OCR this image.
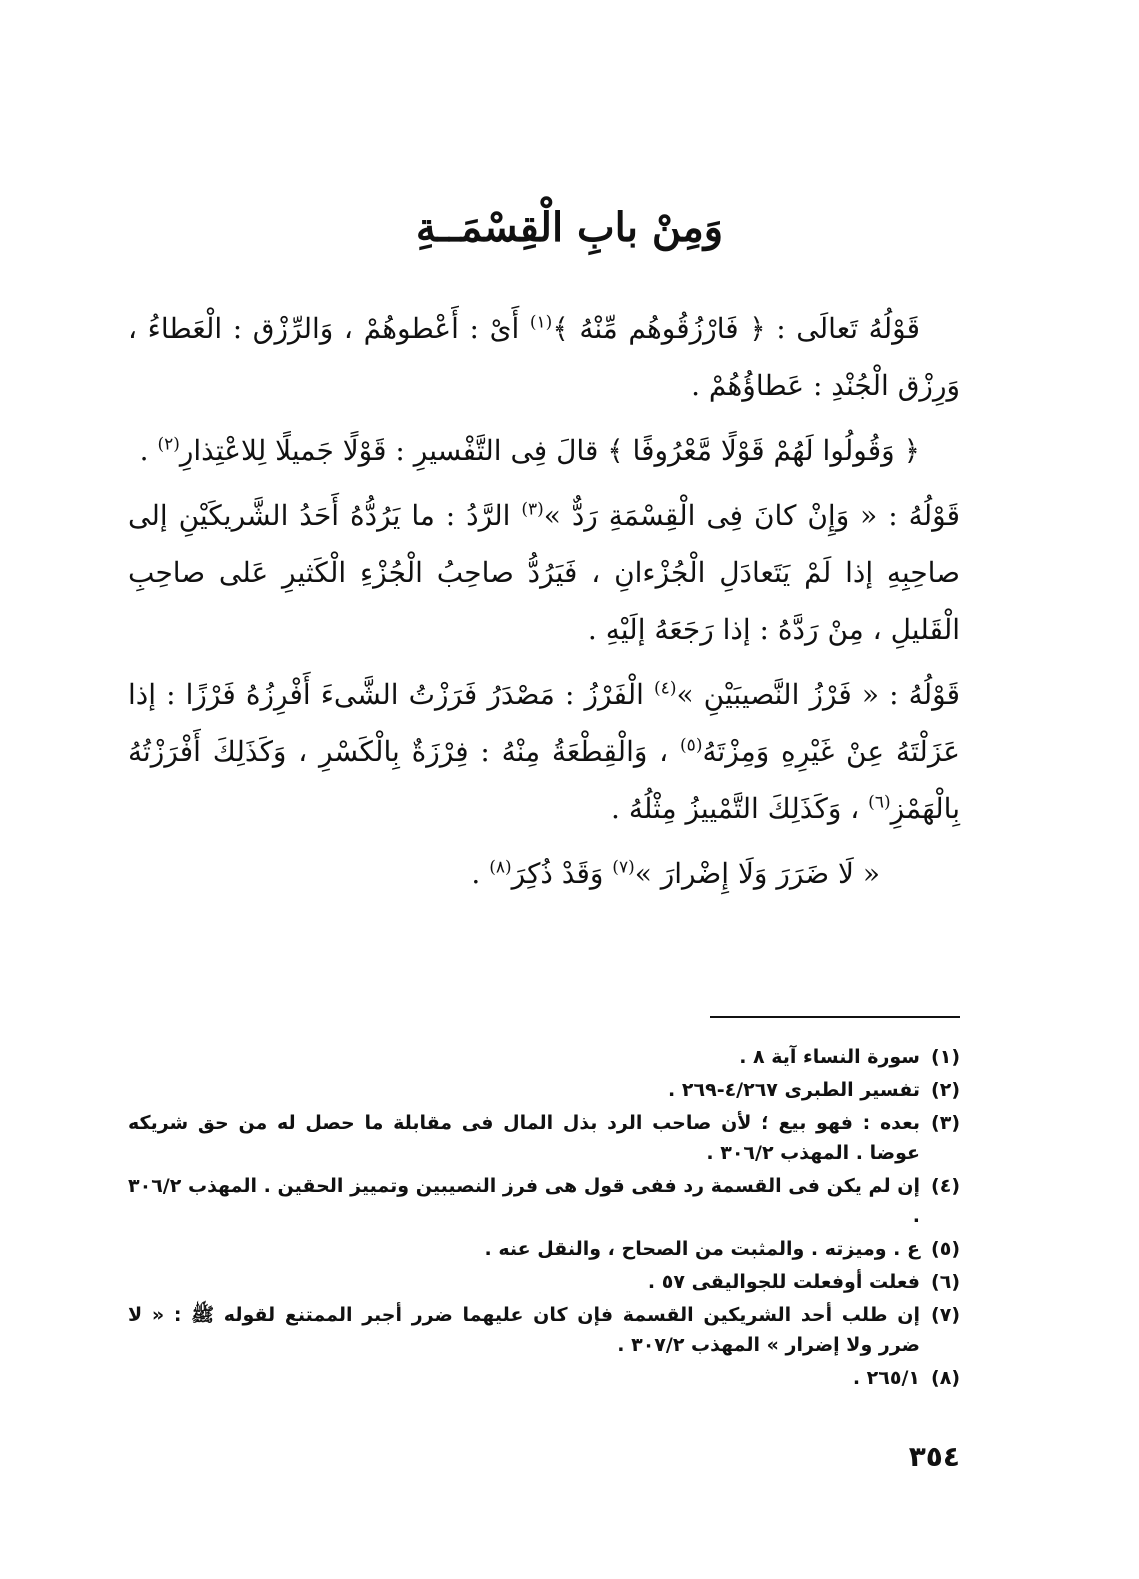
وَمِنْ بابِ الْقِسْمَــةِ

قَوْلُهُ تَعالَى : ﴿ فَارْزُقُوهُم مِّنْهُ ﴾$^{(١)}$ أَىْ : أَعْطوهُمْ ، وَالرِّزْق : الْعَطاءُ ، وَرِزْق الْجُنْدِ : عَطاؤُهُمْ .

﴿ وَقُولُوا لَهُمْ قَوْلًا مَّعْرُوفًا ﴾ قالَ فِى التَّفْسيرِ : قَوْلًا جَميلًا لِلاعْتِذارِ$^{(٢)}$ .

قَوْلُهُ : « وَإِنْ كانَ فِى الْقِسْمَةِ رَدٌّ »$^{(٣)}$ الرَّدُ : ما يَرُدُّهُ أَحَدُ الشَّريكَيْنِ إلى صاحِبِهِ إذا لَمْ يَتَعادَلِ الْجُزْءانِ ، فَيَرُدُّ صاحِبُ الْجُزْءِ الْكَثيرِ عَلى صاحِبِ الْقَليلِ ، مِنْ رَدَّهُ : إذا رَجَعَهُ إلَيْهِ .

قَوْلُهُ : « فَرْزُ النَّصيبَيْنِ »$^{(٤)}$ الْفَرْزُ : مَصْدَرُ فَرَزْتُ الشَّىءَ أَفْرِزُهُ فَرْزًا : إذا عَزَلْتَهُ عِنْ غَيْرِهِ وَمِزْتَهُ$^{(٥)}$ ، وَالْقِطْعَةُ مِنْهُ : فِرْزَةٌ بِالْكَسْرِ ، وَكَذَلِكَ أَفْرَزْتُهُ بِالْهَمْزِ$^{(٦)}$ ، وَكَذَلِكَ التَّمْييزُ مِثْلُهُ .

« لَا ضَرَرَ وَلَا إِضْرارَ »$^{(٧)}$ وَقَدْ ذُكِرَ$^{(٨)}$ .

(١)
سورة النساء آية ٨ .
(٢)
تفسير الطبرى ٤/٢٦٧-٢٦٩ .
(٣)
بعده : فهو بيع ؛ لأن صاحب الرد بذل المال فى مقابلة ما حصل له من حق شريكه عوضا . المهذب ٣٠٦/٢ .
(٤)
إن لم يكن فى القسمة رد ففى قول هى فرز النصيبين وتمييز الحقين . المهذب ٣٠٦/٢ .
(٥)
ع . وميزته . والمثبت من الصحاح ، والنقل عنه .
(٦)
فعلت أوفعلت للجواليقى ٥٧ .
(٧)
إن طلب أحد الشريكين القسمة فإن كان عليهما ضرر أجبر الممتنع لقوله ﷺ : « لا ضرر ولا إضرار » المهذب ٣٠٧/٢ .
(٨)
٢٦٥/١ .
٣٥٤
